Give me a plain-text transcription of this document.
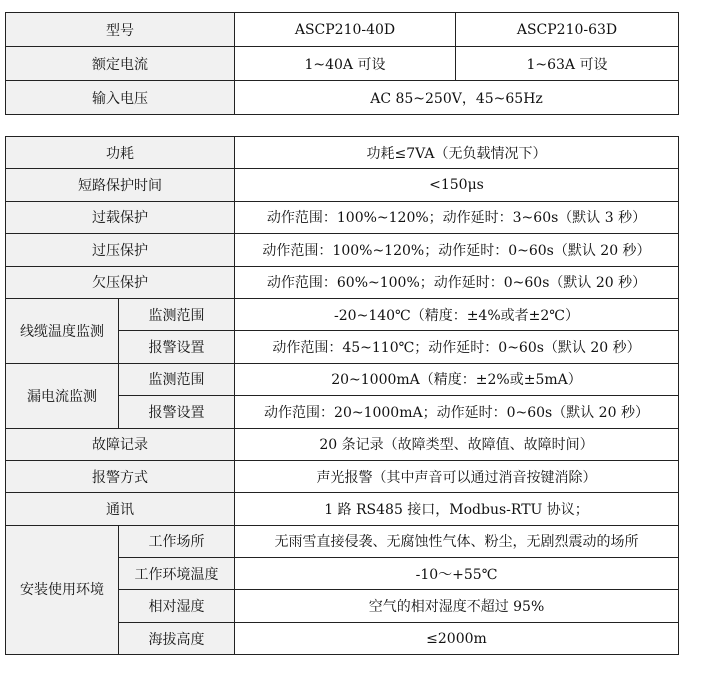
型号	ASCP210-40D	ASCP210-63D
额定电流	1~40A 可设	1~63A 可设
输入电压	AC 85~250V，45~65Hz	
功耗		功耗≤7VA（无负载情况下）
短路保护时间		<150μs
过载保护		动作范围：100%~120%；动作延时：3~60s（默认 3 秒）
过压保护		动作范围：100%~120%；动作延时：0~60s（默认 20 秒）
欠压保护		动作范围：60%~100%；动作延时：0~60s（默认 20 秒）
线缆温度监测	监测范围	-20~140℃（精度：±4%或者±2℃）
	报警设置	动作范围：45~110℃；动作延时：0~60s（默认 20 秒）
漏电流监测	监测范围	20~1000mA（精度：±2%或±5mA）
	报警设置	动作范围：20~1000mA；动作延时：0~60s（默认 20 秒）
故障记录		20 条记录（故障类型、故障值、故障时间）
报警方式		声光报警（其中声音可以通过消音按键消除）
通讯		1 路 RS485 接口，Modbus-RTU 协议；
安装使用环境	工作场所	无雨雪直接侵袭、无腐蚀性气体、粉尘，无剧烈震动的场所
	工作环境温度	-10～+55℃
	相对湿度	空气的相对湿度不超过 95%
	海拔高度	≤2000m
